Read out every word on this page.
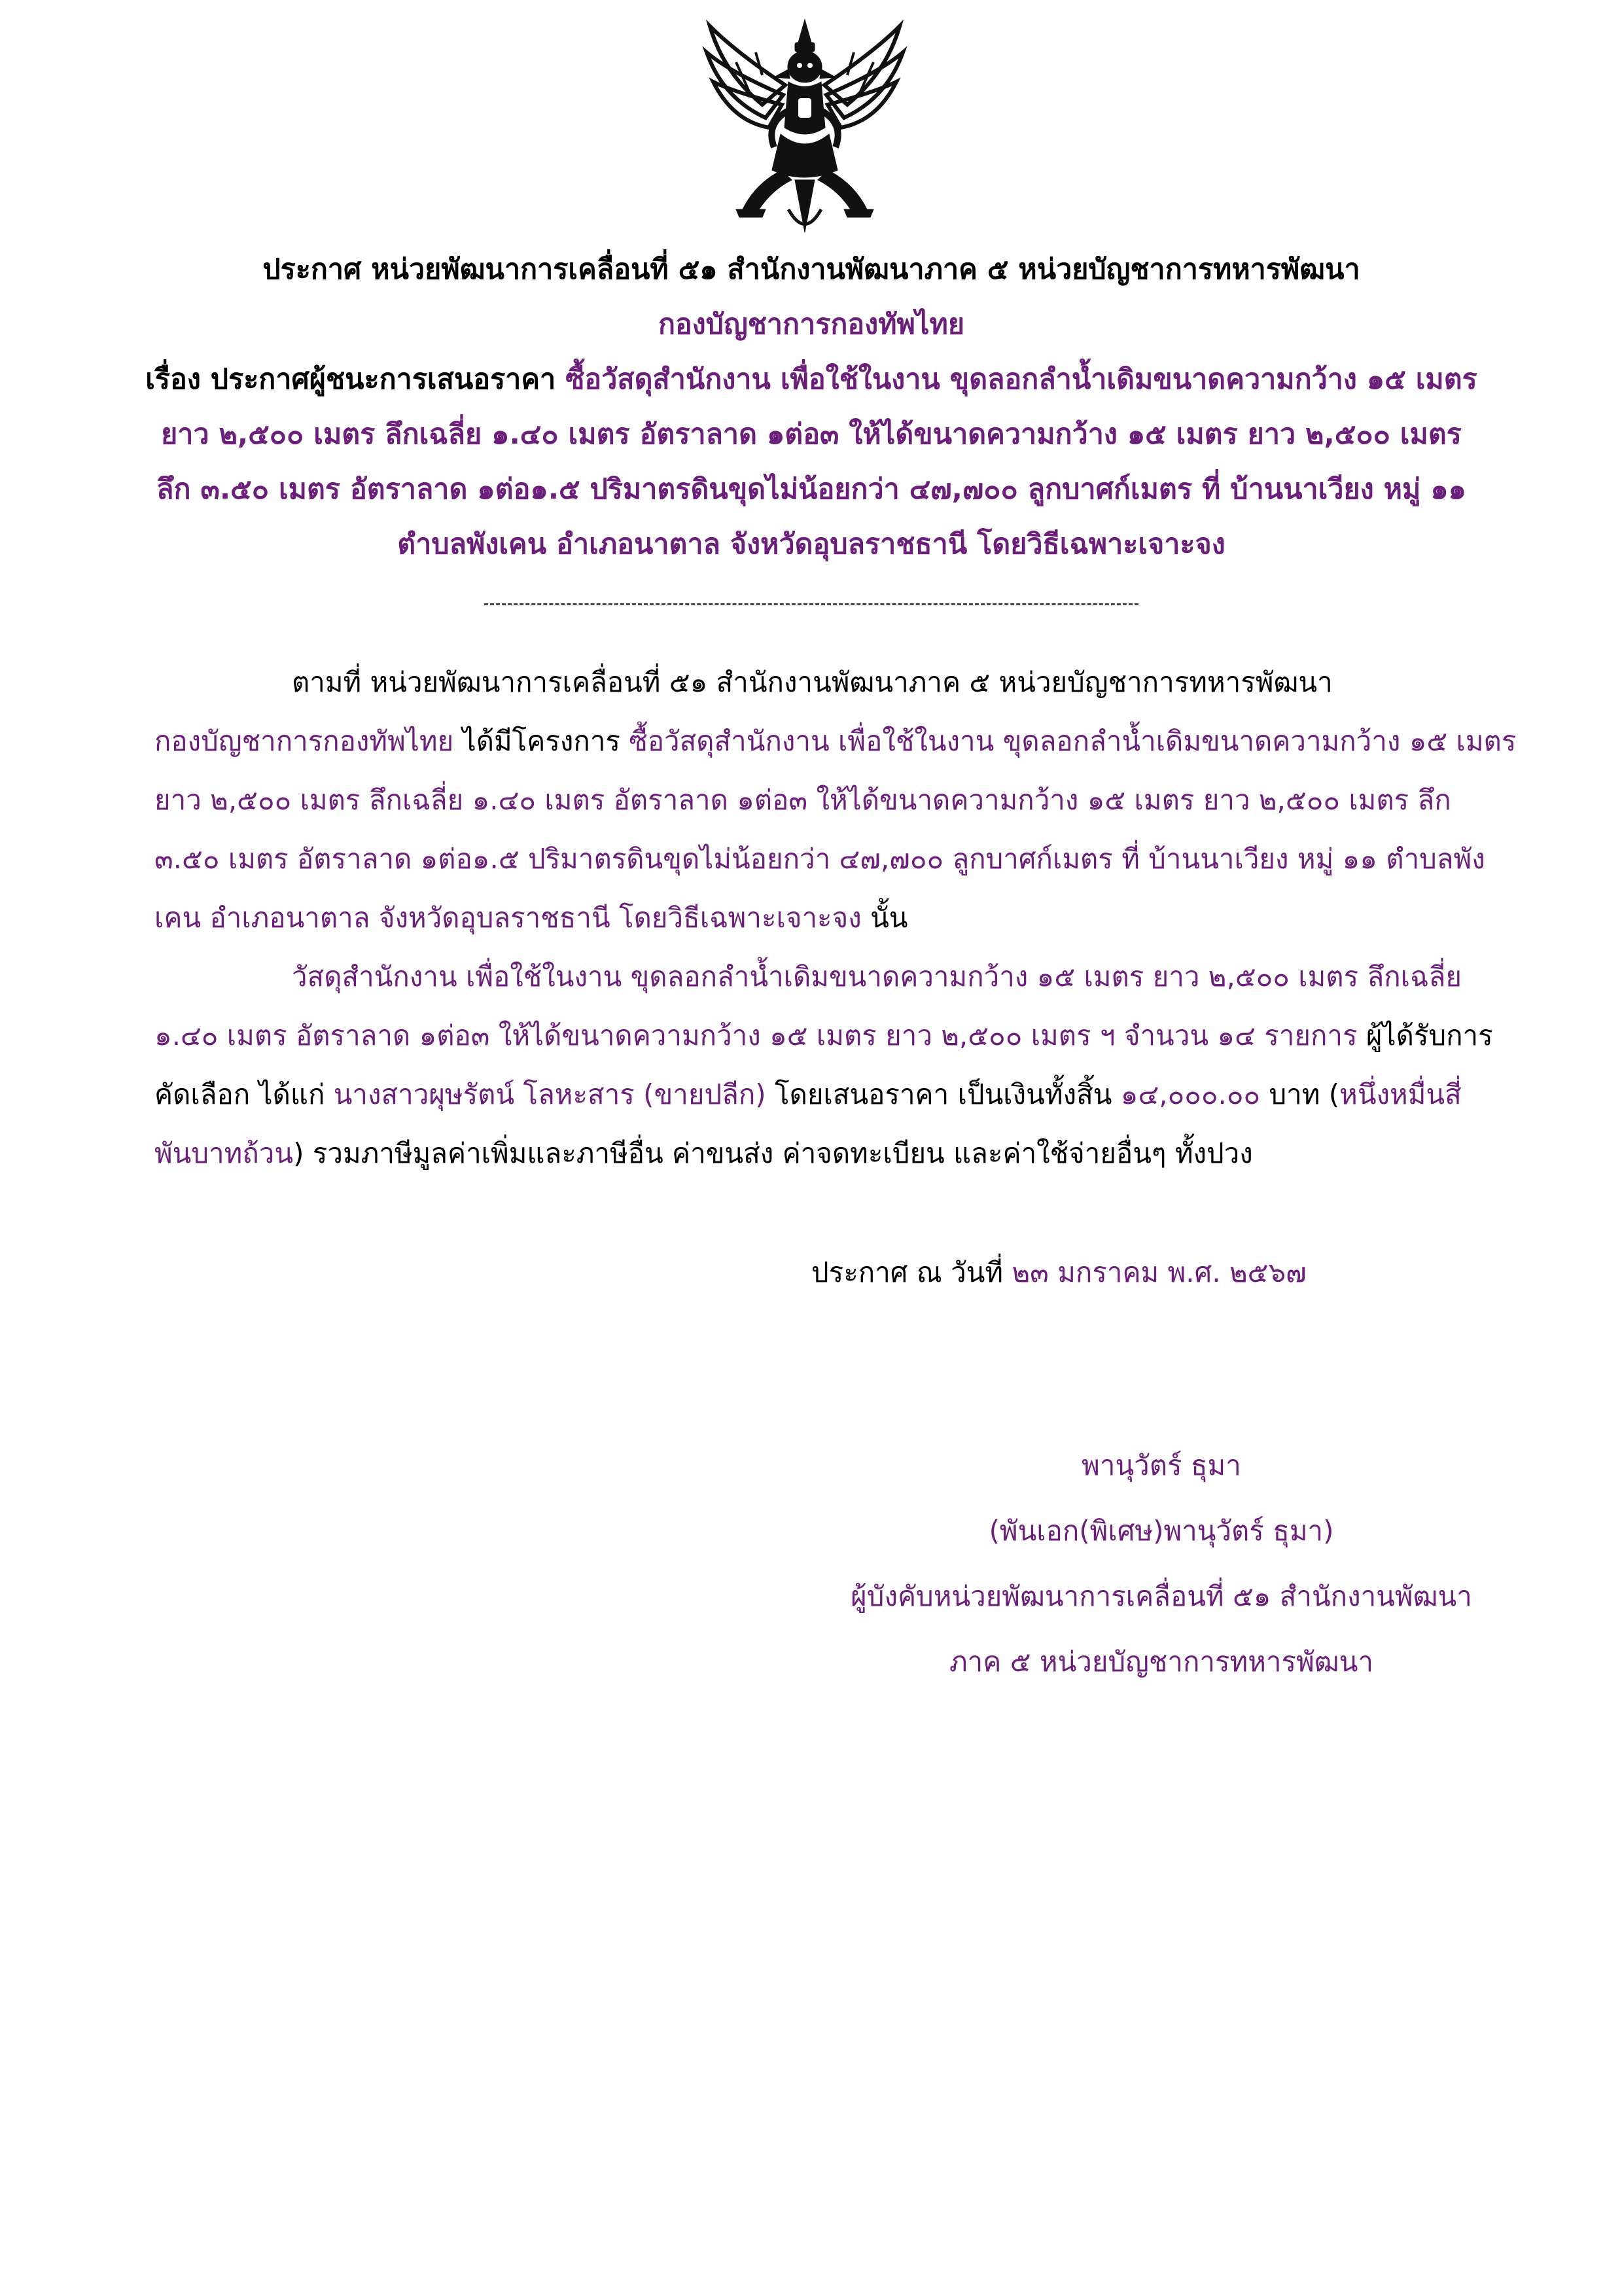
ประกาศ หน่วยพัฒนาการเคลื่อนที่ ๕๑ สำนักงานพัฒนาภาค ๕ หน่วยบัญชาการทหารพัฒนา
กองบัญชาการกองทัพไทย
เรื่อง ประกาศผู้ชนะการเสนอราคา ซื้อวัสดุสำนักงาน เพื่อใช้ในงาน ขุดลอกลำน้ำเดิมขนาดความกว้าง ๑๕ เมตร
ยาว ๒,๕๐๐ เมตร ลึกเฉลี่ย ๑.๔๐ เมตร อัตราลาด ๑ต่อ๓ ให้ได้ขนาดความกว้าง ๑๕ เมตร ยาว ๒,๕๐๐ เมตร
ลึก ๓.๕๐ เมตร อัตราลาด ๑ต่อ๑.๕ ปริมาตรดินขุดไม่น้อยกว่า ๔๗,๗๐๐ ลูกบาศก์เมตร ที่ บ้านนาเวียง หมู่ ๑๑
ตำบลพังเคน อำเภอนาตาล จังหวัดอุบลราชธานี โดยวิธีเฉพาะเจาะจง
ตามที่ หน่วยพัฒนาการเคลื่อนที่ ๕๑ สำนักงานพัฒนาภาค ๕ หน่วยบัญชาการทหารพัฒนา
กองบัญชาการกองทัพไทย ได้มีโครงการ ซื้อวัสดุสำนักงาน เพื่อใช้ในงาน ขุดลอกลำน้ำเดิมขนาดความกว้าง ๑๕ เมตร
ยาว ๒,๕๐๐ เมตร ลึกเฉลี่ย ๑.๔๐ เมตร อัตราลาด ๑ต่อ๓ ให้ได้ขนาดความกว้าง ๑๕ เมตร ยาว ๒,๕๐๐ เมตร ลึก
๓.๕๐ เมตร อัตราลาด ๑ต่อ๑.๕ ปริมาตรดินขุดไม่น้อยกว่า ๔๗,๗๐๐ ลูกบาศก์เมตร ที่ บ้านนาเวียง หมู่ ๑๑ ตำบลพัง
เคน อำเภอนาตาล จังหวัดอุบลราชธานี โดยวิธีเฉพาะเจาะจง นั้น
วัสดุสำนักงาน เพื่อใช้ในงาน ขุดลอกลำน้ำเดิมขนาดความกว้าง ๑๕ เมตร ยาว ๒,๕๐๐ เมตร ลึกเฉลี่ย
๑.๔๐ เมตร อัตราลาด ๑ต่อ๓ ให้ได้ขนาดความกว้าง ๑๕ เมตร ยาว ๒,๕๐๐ เมตร ฯ จำนวน ๑๔ รายการ ผู้ได้รับการ
คัดเลือก ได้แก่ นางสาวผุษรัตน์ โลหะสาร (ขายปลีก) โดยเสนอราคา เป็นเงินทั้งสิ้น ๑๔,๐๐๐.๐๐ บาท (หนึ่งหมื่นสี่
พันบาทถ้วน) รวมภาษีมูลค่าเพิ่มและภาษีอื่น ค่าขนส่ง ค่าจดทะเบียน และค่าใช้จ่ายอื่นๆ ทั้งปวง
ประกาศ ณ วันที่ ๒๓ มกราคม พ.ศ. ๒๕๖๗
พานุวัตร์ ธุมา
(พันเอก(พิเศษ)พานุวัตร์ ธุมา)
ผู้บังคับหน่วยพัฒนาการเคลื่อนที่ ๕๑ สำนักงานพัฒนา
ภาค ๕ หน่วยบัญชาการทหารพัฒนา
